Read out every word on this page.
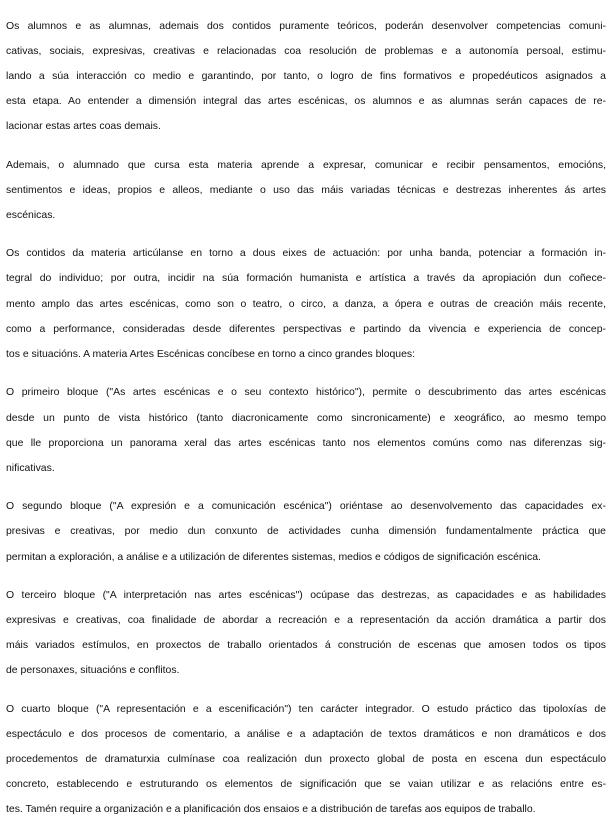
Os alumnos e as alumnas, ademais dos contidos puramente teóricos, poderán desenvolver competencias comuni-

cativas, sociais, expresivas, creativas e relacionadas coa resolución de problemas e a autonomía persoal, estimu-

lando a súa interacción co medio e garantindo, por tanto, o logro de fins formativos e propedéuticos asignados a

esta etapa. Ao entender a dimensión integral das artes escénicas, os alumnos e as alumnas serán capaces de re-

lacionar estas artes coas demais.

Ademais, o alumnado que cursa esta materia aprende a expresar, comunicar e recibir pensamentos, emocións,

sentimentos e ideas, propios e alleos, mediante o uso das máis variadas técnicas e destrezas inherentes ás artes

escénicas.

Os contidos da materia articúlanse en torno a dous eixes de actuación: por unha banda, potenciar a formación in-

tegral do individuo; por outra, incidir na súa formación humanista e artística a través da apropiación dun coñece-

mento amplo das artes escénicas, como son o teatro, o circo, a danza, a ópera e outras de creación máis recente,

como a performance, consideradas desde diferentes perspectivas e partindo da vivencia e experiencia de concep-

tos e situacións. A materia Artes Escénicas concíbese en torno a cinco grandes bloques:

O primeiro bloque ("As artes escénicas e o seu contexto histórico"), permite o descubrimento das artes escénicas

desde un punto de vista histórico (tanto diacronicamente como sincronicamente) e xeográfico, ao mesmo tempo

que lle proporciona un panorama xeral das artes escénicas tanto nos elementos comúns como nas diferenzas sig-

nificativas.

O segundo bloque ("A expresión e a comunicación escénica") oriéntase ao desenvolvemento das capacidades ex-

presivas e creativas, por medio dun conxunto de actividades cunha dimensión fundamentalmente práctica que

permitan a exploración, a análise e a utilización de diferentes sistemas, medios e códigos de significación escénica.

O terceiro bloque ("A interpretación nas artes escénicas") ocúpase das destrezas, as capacidades e as habilidades

expresivas e creativas, coa finalidade de abordar a recreación e a representación da acción dramática a partir dos

máis variados estímulos, en proxectos de traballo orientados á construción de escenas que amosen todos os tipos

de personaxes, situacións e conflitos.

O cuarto bloque ("A representación e a escenificación") ten carácter integrador. O estudo práctico das tipoloxías de

espectáculo e dos procesos de comentario, a análise e a adaptación de textos dramáticos e non dramáticos e dos

procedementos de dramaturxia culmínase coa realización dun proxecto global de posta en escena dun espectáculo

concreto, establecendo e estruturando os elementos de significación que se vaian utilizar e as relacións entre es-

tes. Tamén require a organización e a planificación dos ensaios e a distribución de tarefas aos equipos de traballo.
